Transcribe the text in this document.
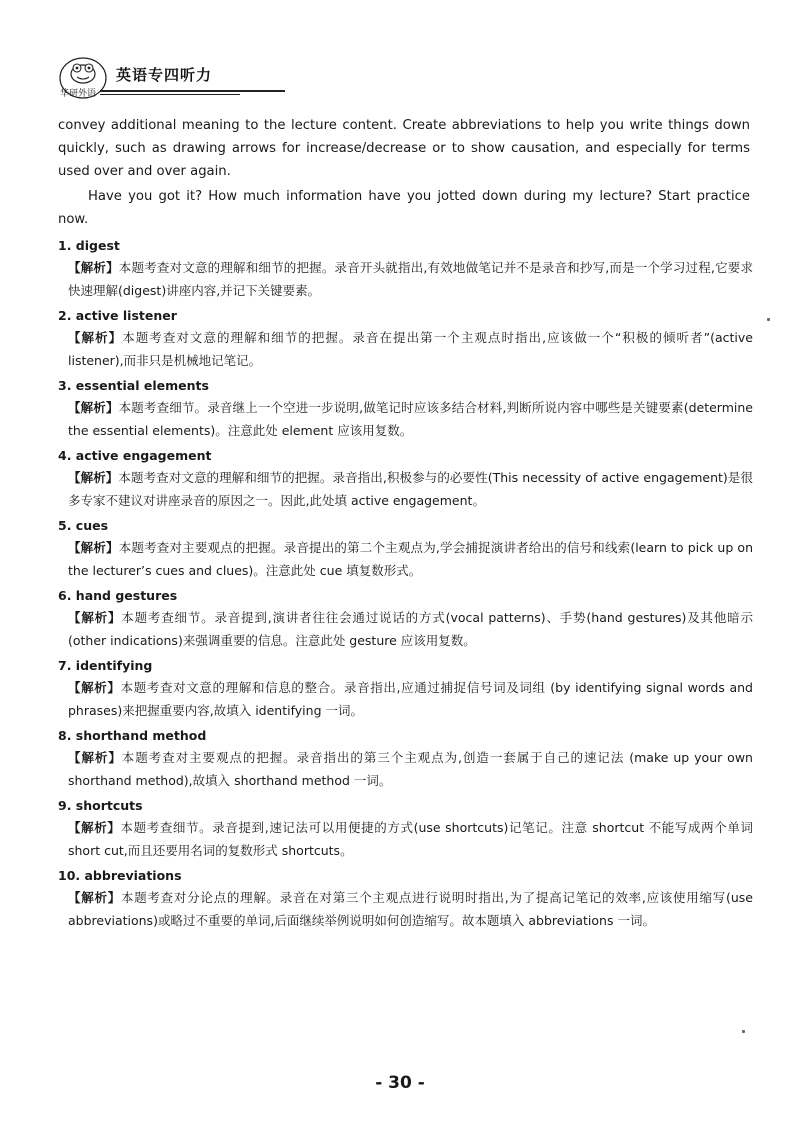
华研外语
英语专四听力

convey additional meaning to the lecture content. Create abbreviations to help you write things down quickly, such as drawing arrows for increase/decrease or to show causation, and especially for terms used over and over again.

Have you got it? How much information have you jotted down during my lecture? Start practice now.

1. digest
【解析】本题考查对文意的理解和细节的把握。录音开头就指出,有效地做笔记并不是录音和抄写,而是一个学习过程,它要求快速理解(digest)讲座内容,并记下关键要素。
2. active listener
【解析】本题考查对文意的理解和细节的把握。录音在提出第一个主观点时指出,应该做一个“积极的倾听者”(active listener),而非只是机械地记笔记。
3. essential elements
【解析】本题考查细节。录音继上一个空进一步说明,做笔记时应该多结合材料,判断所说内容中哪些是关键要素(determine the essential elements)。注意此处 element 应该用复数。
4. active engagement
【解析】本题考查对文意的理解和细节的把握。录音指出,积极参与的必要性(This necessity of active engagement)是很多专家不建议对讲座录音的原因之一。因此,此处填 active engagement。
5. cues
【解析】本题考查对主要观点的把握。录音提出的第二个主观点为,学会捕捉演讲者给出的信号和线索(learn to pick up on the lecturer’s cues and clues)。注意此处 cue 填复数形式。
6. hand gestures
【解析】本题考查细节。录音提到,演讲者往往会通过说话的方式(vocal patterns)、手势(hand gestures)及其他暗示(other indications)来强调重要的信息。注意此处 gesture 应该用复数。
7. identifying
【解析】本题考查对文意的理解和信息的整合。录音指出,应通过捕捉信号词及词组 (by identifying signal words and phrases)来把握重要内容,故填入 identifying 一词。
8. shorthand method
【解析】本题考查对主要观点的把握。录音指出的第三个主观点为,创造一套属于自己的速记法 (make up your own shorthand method),故填入 shorthand method 一词。
9. shortcuts
【解析】本题考查细节。录音提到,速记法可以用便捷的方式(use shortcuts)记笔记。注意 shortcut 不能写成两个单词 short cut,而且还要用名词的复数形式 shortcuts。
10. abbreviations
【解析】本题考查对分论点的理解。录音在对第三个主观点进行说明时指出,为了提高记笔记的效率,应该使用缩写(use abbreviations)或略过不重要的单词,后面继续举例说明如何创造缩写。故本题填入 abbreviations 一词。
- 30 -
